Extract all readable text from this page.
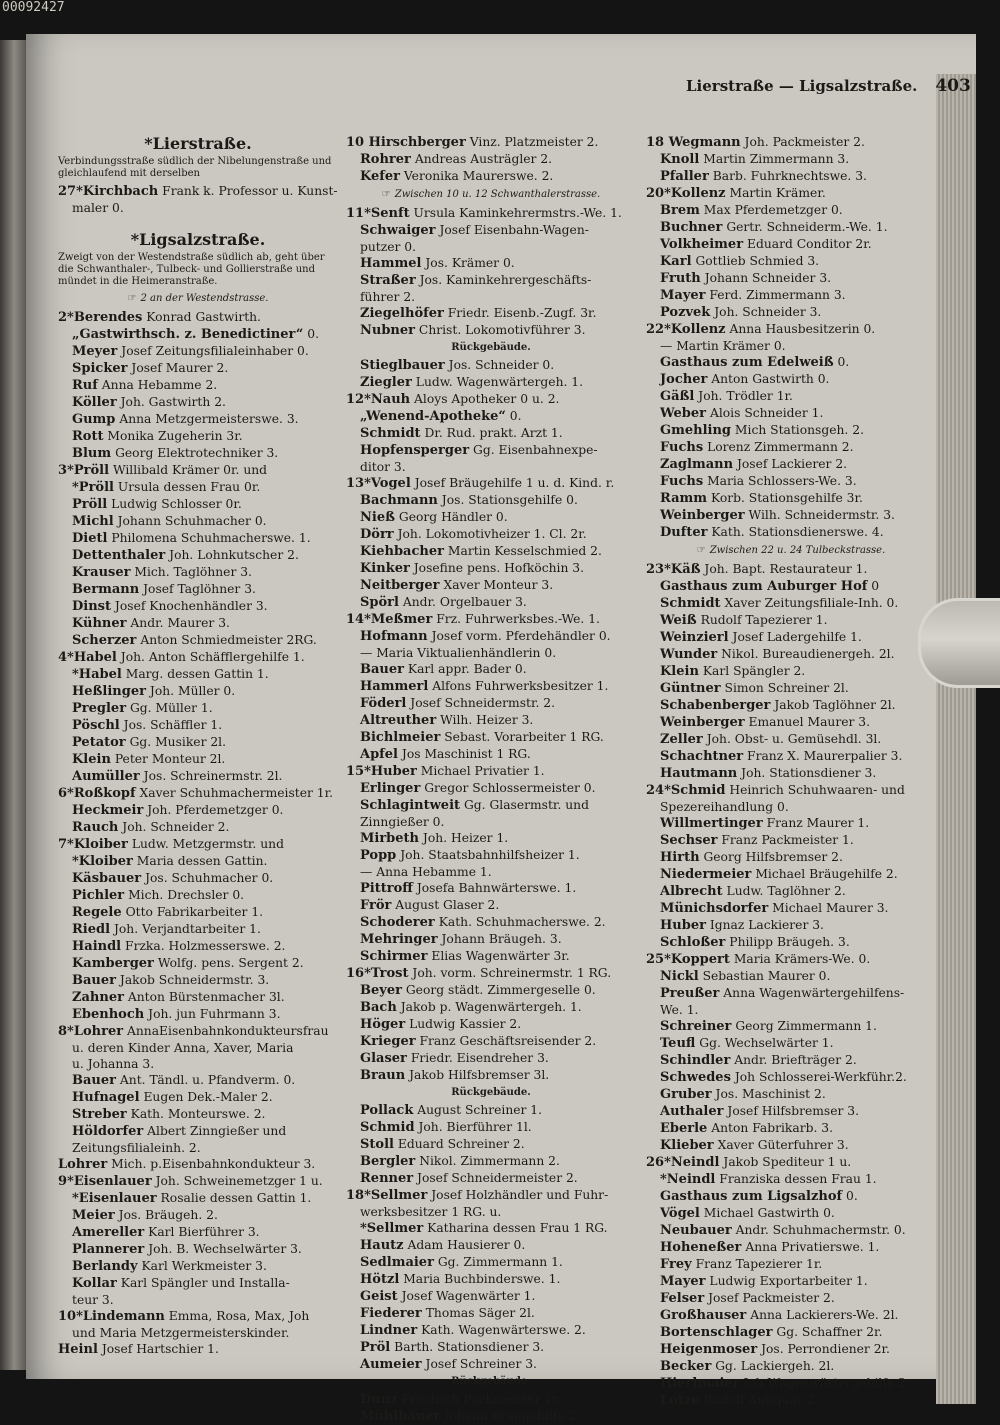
00092427
Lierstraße — Ligsalzstraße. 403
*Lierstraße.
Verbindungsstraße südlich der Nibelungenstraße und gleichlaufend mit derselben
27*Kirchbach Frank k. Professor u. Kunst-
maler 0.
*Ligsalzstraße.
Zweigt von der Westendstraße südlich ab, geht über die Schwanthaler-, Tulbeck- und Gollierstraße und mündet in die Heimeranstraße.
☞ 2 an der Westendstrasse.
2*Berendes Konrad Gastwirth.
„Gastwirthsch. z. Benedictiner“ 0.
Meyer Josef Zeitungsfilialeinhaber 0.
Spicker Josef Maurer 2.
Ruf Anna Hebamme 2.
Köller Joh. Gastwirth 2.
Gump Anna Metzgermeisterswe. 3.
Rott Monika Zugeherin 3r.
Blum Georg Elektrotechniker 3.
3*Pröll Willibald Krämer 0r. und
*Pröll Ursula dessen Frau 0r.
Pröll Ludwig Schlosser 0r.
Michl Johann Schuhmacher 0.
Dietl Philomena Schuhmacherswe. 1.
Dettenthaler Joh. Lohnkutscher 2.
Krauser Mich. Taglöhner 3.
Bermann Josef Taglöhner 3.
Dinst Josef Knochenhändler 3.
Kühner Andr. Maurer 3.
Scherzer Anton Schmiedmeister 2RG.
4*Habel Joh. Anton Schäfflergehilfe 1.
*Habel Marg. dessen Gattin 1.
Heßlinger Joh. Müller 0.
Pregler Gg. Müller 1.
Pöschl Jos. Schäffler 1.
Petator Gg. Musiker 2l.
Klein Peter Monteur 2l.
Aumüller Jos. Schreinermstr. 2l.
6*Roßkopf Xaver Schuhmachermeister 1r.
Heckmeir Joh. Pferdemetzger 0.
Rauch Joh. Schneider 2.
7*Kloiber Ludw. Metzgermstr. und
*Kloiber Maria dessen Gattin.
Käsbauer Jos. Schuhmacher 0.
Pichler Mich. Drechsler 0.
Regele Otto Fabrikarbeiter 1.
Riedl Joh. Verjandtarbeiter 1.
Haindl Frzka. Holzmesserswe. 2.
Kamberger Wolfg. pens. Sergent 2.
Bauer Jakob Schneidermstr. 3.
Zahner Anton Bürstenmacher 3l.
Ebenhoch Joh. jun Fuhrmann 3.
8*Lohrer AnnaEisenbahnkondukteursfrau
u. deren Kinder Anna, Xaver, Maria
u. Johanna 3.
Bauer Ant. Tändl. u. Pfandverm. 0.
Hufnagel Eugen Dek.-Maler 2.
Streber Kath. Monteurswe. 2.
Höldorfer Albert Zinngießer und
Zeitungsfilialeinh. 2.
Lohrer Mich. p.Eisenbahnkondukteur 3.
9*Eisenlauer Joh. Schweinemetzger 1 u.
*Eisenlauer Rosalie dessen Gattin 1.
Meier Jos. Bräugeh. 2.
Amereller Karl Bierführer 3.
Plannerer Joh. B. Wechselwärter 3.
Berlandy Karl Werkmeister 3.
Kollar Karl Spängler und Installa-
teur 3.
10*Lindemann Emma, Rosa, Max, Joh
und Maria Metzgermeisterskinder.
Heinl Josef Hartschier 1.
10 Hirschberger Vinz. Platzmeister 2.
Rohrer Andreas Austrägler 2.
Kefer Veronika Maurerswe. 2.
☞ Zwischen 10 u. 12 Schwanthalerstrasse.
11*Senft Ursula Kaminkehrermstrs.-We. 1.
Schwaiger Josef Eisenbahn-Wagen-
putzer 0.
Hammel Jos. Krämer 0.
Straßer Jos. Kaminkehrergeschäfts-
führer 2.
Ziegelhöfer Friedr. Eisenb.-Zugf. 3r.
Nubner Christ. Lokomotivführer 3.
Rückgebäude.
Stieglbauer Jos. Schneider 0.
Ziegler Ludw. Wagenwärtergeh. 1.
12*Nauh Aloys Apotheker 0 u. 2.
„Wenend-Apotheke“ 0.
Schmidt Dr. Rud. prakt. Arzt 1.
Hopfensperger Gg. Eisenbahnexpe-
ditor 3.
13*Vogel Josef Bräugehilfe 1 u. d. Kind. r.
Bachmann Jos. Stationsgehilfe 0.
Nieß Georg Händler 0.
Dörr Joh. Lokomotivheizer 1. Cl. 2r.
Kiehbacher Martin Kesselschmied 2.
Kinker Josefine pens. Hofköchin 3.
Neitberger Xaver Monteur 3.
Spörl Andr. Orgelbauer 3.
14*Meßmer Frz. Fuhrwerksbes.-We. 1.
Hofmann Josef vorm. Pferdehändler 0.
— Maria Viktualienhändlerin 0.
Bauer Karl appr. Bader 0.
Hammerl Alfons Fuhrwerksbesitzer 1.
Föderl Josef Schneidermstr. 2.
Altreuther Wilh. Heizer 3.
Bichlmeier Sebast. Vorarbeiter 1 RG.
Apfel Jos Maschinist 1 RG.
15*Huber Michael Privatier 1.
Erlinger Gregor Schlossermeister 0.
Schlagintweit Gg. Glasermstr. und
Zinngießer 0.
Mirbeth Joh. Heizer 1.
Popp Joh. Staatsbahnhilfsheizer 1.
— Anna Hebamme 1.
Pittroff Josefa Bahnwärterswe. 1.
Frör August Glaser 2.
Schoderer Kath. Schuhmacherswe. 2.
Mehringer Johann Bräugeh. 3.
Schirmer Elias Wagenwärter 3r.
16*Trost Joh. vorm. Schreinermstr. 1 RG.
Beyer Georg städt. Zimmergeselle 0.
Bach Jakob p. Wagenwärtergeh. 1.
Höger Ludwig Kassier 2.
Krieger Franz Geschäftsreisender 2.
Glaser Friedr. Eisendreher 3.
Braun Jakob Hilfsbremser 3l.
Rückgebäude.
Pollack August Schreiner 1.
Schmid Joh. Bierführer 1l.
Stoll Eduard Schreiner 2.
Bergler Nikol. Zimmermann 2.
Renner Josef Schneidermeister 2.
18*Sellmer Josef Holzhändler und Fuhr-
werksbesitzer 1 RG. u.
*Sellmer Katharina dessen Frau 1 RG.
Hautz Adam Hausierer 0.
Sedlmaier Gg. Zimmermann 1.
Hötzl Maria Buchbinderswe. 1.
Geist Josef Wagenwärter 1.
Fiederer Thomas Säger 2l.
Lindner Kath. Wagenwärterswe. 2.
Pröl Barth. Stationsdiener 3.
Aumeier Josef Schreiner 3.
Rückgebäude.
Dunz Friedrich Packmeister 1r.
Mühlbauer Johann Bräugehilfe 2.
18 Wegmann Joh. Packmeister 2.
Knoll Martin Zimmermann 3.
Pfaller Barb. Fuhrknechtswe. 3.
20*Kollenz Martin Krämer.
Brem Max Pferdemetzger 0.
Buchner Gertr. Schneiderm.-We. 1.
Volkheimer Eduard Conditor 2r.
Karl Gottlieb Schmied 3.
Fruth Johann Schneider 3.
Mayer Ferd. Zimmermann 3.
Pozvek Joh. Schneider 3.
22*Kollenz Anna Hausbesitzerin 0.
— Martin Krämer 0.
Gasthaus zum Edelweiß 0.
Jocher Anton Gastwirth 0.
Gäßl Joh. Trödler 1r.
Weber Alois Schneider 1.
Gmehling Mich Stationsgeh. 2.
Fuchs Lorenz Zimmermann 2.
Zaglmann Josef Lackierer 2.
Fuchs Maria Schlossers-We. 3.
Ramm Korb. Stationsgehilfe 3r.
Weinberger Wilh. Schneidermstr. 3.
Dufter Kath. Stationsdienerswe. 4.
☞ Zwischen 22 u. 24 Tulbeckstrasse.
23*Käß Joh. Bapt. Restaurateur 1.
Gasthaus zum Auburger Hof 0
Schmidt Xaver Zeitungsfiliale-Inh. 0.
Weiß Rudolf Tapezierer 1.
Weinzierl Josef Ladergehilfe 1.
Wunder Nikol. Bureaudienergeh. 2l.
Klein Karl Spängler 2.
Güntner Simon Schreiner 2l.
Schabenberger Jakob Taglöhner 2l.
Weinberger Emanuel Maurer 3.
Zeller Joh. Obst- u. Gemüsehdl. 3l.
Schachtner Franz X. Maurerpalier 3.
Hautmann Joh. Stationsdiener 3.
24*Schmid Heinrich Schuhwaaren- und
Spezereihandlung 0.
Willmertinger Franz Maurer 1.
Sechser Franz Packmeister 1.
Hirth Georg Hilfsbremser 2.
Niedermeier Michael Bräugehilfe 2.
Albrecht Ludw. Taglöhner 2.
Münichsdorfer Michael Maurer 3.
Huber Ignaz Lackierer 3.
Schloßer Philipp Bräugeh. 3.
25*Koppert Maria Krämers-We. 0.
Nickl Sebastian Maurer 0.
Preußer Anna Wagenwärtergehilfens-
We. 1.
Schreiner Georg Zimmermann 1.
Teufl Gg. Wechselwärter 1.
Schindler Andr. Briefträger 2.
Schwedes Joh Schlosserei-Werkführ.2.
Gruber Jos. Maschinist 2.
Authaler Josef Hilfsbremser 3.
Eberle Anton Fabrikarb. 3.
Klieber Xaver Güterfuhrer 3.
26*Neindl Jakob Spediteur 1 u.
*Neindl Franziska dessen Frau 1.
Gasthaus zum Ligsalzhof 0.
Vögel Michael Gastwirth 0.
Neubauer Andr. Schuhmachermstr. 0.
Hoheneßer Anna Privatierswe. 1.
Frey Franz Tapezierer 1r.
Mayer Ludwig Exportarbeiter 1.
Felser Josef Packmeister 2.
Großhauser Anna Lackierers-We. 2l.
Bortenschlager Gg. Schaffner 2r.
Heigenmoser Jos. Perrondiener 2r.
Becker Gg. Lackiergeh. 2l.
Hierlmaier Joh Wagenwärtergehilfe 2.
Lotze Rudolf Antiquar 2.
